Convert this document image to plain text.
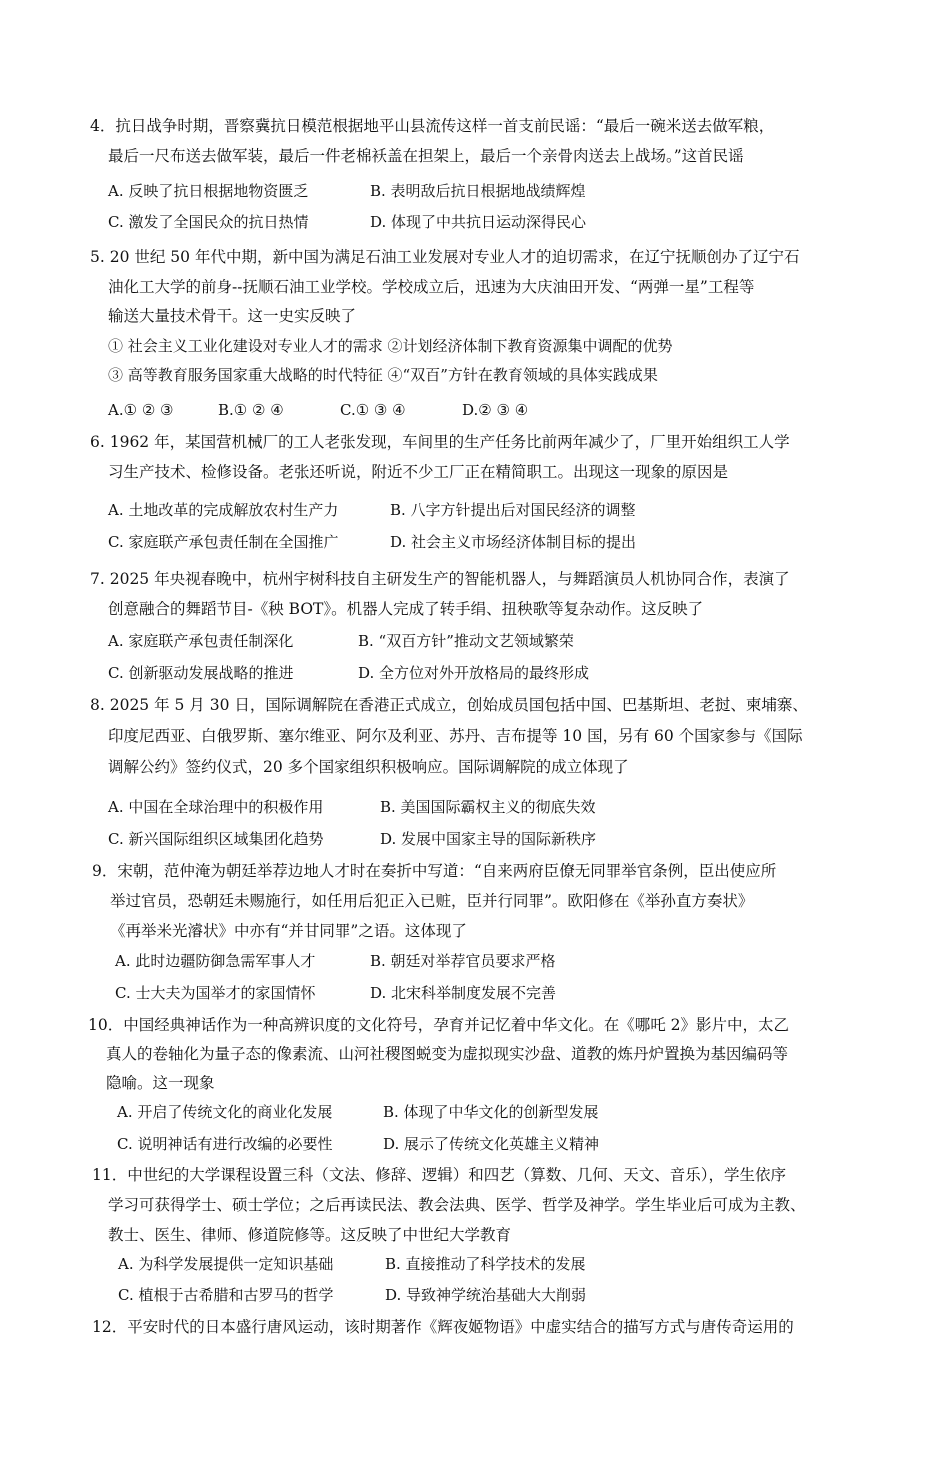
4．抗日战争时期，晋察冀抗日模范根据地平山县流传这样一首支前民谣：“最后一碗米送去做军粮，
最后一尺布送去做军装，最后一件老棉袄盖在担架上，最后一个亲骨肉送去上战场。”这首民谣
A. 反映了抗日根据地物资匮乏	B. 表明敌后抗日根据地战绩辉煌
C. 激发了全国民众的抗日热情	D. 体现了中共抗日运动深得民心
5. 20 世纪 50 年代中期，新中国为满足石油工业发展对专业人才的迫切需求，在辽宁抚顺创办了辽宁石
油化工大学的前身--抚顺石油工业学校。学校成立后，迅速为大庆油田开发、“两弹一星”工程等
输送大量技术骨干。这一史实反映了
① 社会主义工业化建设对专业人才的需求 ②计划经济体制下教育资源集中调配的优势
③ 高等教育服务国家重大战略的时代特征 ④“双百”方针在教育领域的具体实践成果
A.① ② ③	B.① ② ④	C.① ③ ④	D.② ③ ④
6. 1962 年，某国营机械厂的工人老张发现，车间里的生产任务比前两年减少了，厂里开始组织工人学
习生产技术、检修设备。老张还听说，附近不少工厂正在精简职工。出现这一现象的原因是
A. 土地改革的完成解放农村生产力	B. 八字方针提出后对国民经济的调整
C. 家庭联产承包责任制在全国推广	D. 社会主义市场经济体制目标的提出
7. 2025 年央视春晚中，杭州宇树科技自主研发生产的智能机器人，与舞蹈演员人机协同合作，表演了
创意融合的舞蹈节目-《秧 BOT》。机器人完成了转手绢、扭秧歌等复杂动作。这反映了
A. 家庭联产承包责任制深化	B. “双百方针”推动文艺领域繁荣
C. 创新驱动发展战略的推进	D. 全方位对外开放格局的最终形成
8. 2025 年 5 月 30 日，国际调解院在香港正式成立，创始成员国包括中国、巴基斯坦、老挝、柬埔寨、
印度尼西亚、白俄罗斯、塞尔维亚、阿尔及利亚、苏丹、吉布提等 10 国，另有 60 个国家参与《国际
调解公约》签约仪式，20 多个国家组织积极响应。国际调解院的成立体现了
A. 中国在全球治理中的积极作用	B. 美国国际霸权主义的彻底失效
C. 新兴国际组织区域集团化趋势	D. 发展中国家主导的国际新秩序
9．宋朝，范仲淹为朝廷举荐边地人才时在奏折中写道：“自来两府臣僚无同罪举官条例，臣出使应所
举过官员，恐朝廷未赐施行，如任用后犯正入已赃，臣并行同罪”。欧阳修在《举孙直方奏状》
《再举米光濬状》中亦有“并甘同罪”之语。这体现了
A. 此时边疆防御急需军事人才	B. 朝廷对举荐官员要求严格
C. 士大夫为国举才的家国情怀	D. 北宋科举制度发展不完善
10．中国经典神话作为一种高辨识度的文化符号，孕育并记忆着中华文化。在《哪吒 2》影片中，太乙
真人的卷轴化为量子态的像素流、山河社稷图蜕变为虚拟现实沙盘、道教的炼丹炉置换为基因编码等
隐喻。这一现象
A. 开启了传统文化的商业化发展	B. 体现了中华文化的创新型发展
C. 说明神话有进行改编的必要性	D. 展示了传统文化英雄主义精神
11．中世纪的大学课程设置三科（文法、修辞、逻辑）和四艺（算数、几何、天文、音乐），学生依序
学习可获得学士、硕士学位；之后再读民法、教会法典、医学、哲学及神学。学生毕业后可成为主教、
教士、医生、律师、修道院修等。这反映了中世纪大学教育
A. 为科学发展提供一定知识基础	B. 直接推动了科学技术的发展
C. 植根于古希腊和古罗马的哲学	D. 导致神学统治基础大大削弱
12．平安时代的日本盛行唐风运动，该时期著作《辉夜姬物语》中虚实结合的描写方式与唐传奇运用的
